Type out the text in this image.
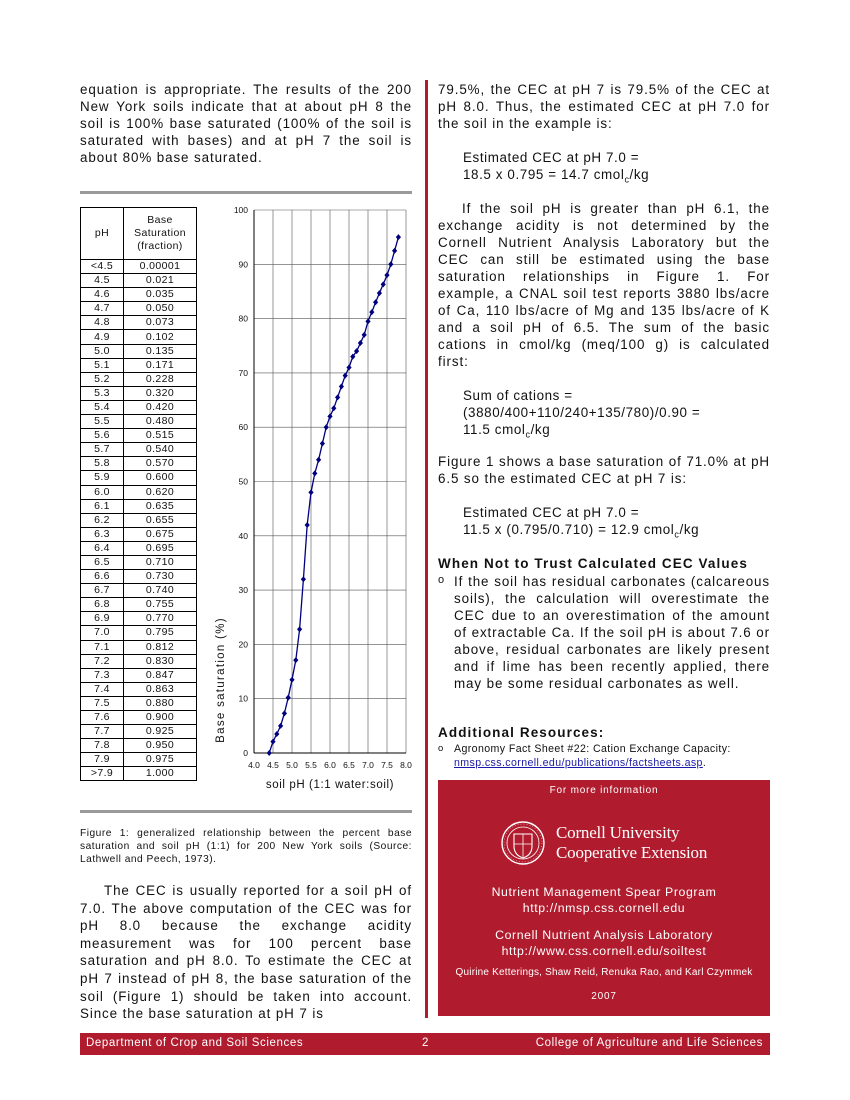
equation is appropriate. The results of the 200 New York soils indicate that at about pH 8 the soil is 100% base saturated (100% of the soil is saturated with bases) and at pH 7 the soil is about 80% base saturated.
pH	Base Saturation (fraction)
<4.5	0.00001
4.5	0.021
4.6	0.035
4.7	0.050
4.8	0.073
4.9	0.102
5.0	0.135
5.1	0.171
5.2	0.228
5.3	0.320
5.4	0.420
5.5	0.480
5.6	0.515
5.7	0.540
5.8	0.570
5.9	0.600
6.0	0.620
6.1	0.635
6.2	0.655
6.3	0.675
6.4	0.695
6.5	0.710
6.6	0.730
6.7	0.740
6.8	0.755
6.9	0.770
7.0	0.795
7.1	0.812
7.2	0.830
7.3	0.847
7.4	0.863
7.5	0.880
7.6	0.900
7.7	0.925
7.8	0.950
7.9	0.975
>7.9	1.000
0
10
20
30
40
50
60
70
80
90
100
4.0 4.5 5.0 5.5 6.0 6.5 7.0 7.5 8.0
Base saturation (%)
soil pH (1:1 water:soil)
Figure 1: generalized relationship between the percent base saturation and soil pH (1:1) for 200 New York soils (Source: Lathwell and Peech, 1973).
The CEC is usually reported for a soil pH of 7.0. The above computation of the CEC was for pH 8.0 because the exchange acidity measurement was for 100 percent base saturation and pH 8.0. To estimate the CEC at pH 7 instead of pH 8, the base saturation of the soil (Figure 1) should be taken into account. Since the base saturation at pH 7 is
79.5%, the CEC at pH 7 is 79.5% of the CEC at pH 8.0. Thus, the estimated CEC at pH 7.0 for the soil in the example is:
Estimated CEC at pH 7.0 =
18.5 x 0.795 = 14.7 cmol$_c$/kg
If the soil pH is greater than pH 6.1, the exchange acidity is not determined by the Cornell Nutrient Analysis Laboratory but the CEC can still be estimated using the base saturation relationships in Figure 1. For example, a CNAL soil test reports 3880 lbs/acre of Ca, 110 lbs/acre of Mg and 135 lbs/acre of K and a soil pH of 6.5. The sum of the basic cations in cmol/kg (meq/100 g) is calculated first:
Sum of cations =
(3880/400+110/240+135/780)/0.90 =
11.5 cmol$_c$/kg
Figure 1 shows a base saturation of 71.0% at pH 6.5 so the estimated CEC at pH 7 is:
Estimated CEC at pH 7.0 =
11.5 x (0.795/0.710) = 12.9 cmol$_c$/kg
When Not to Trust Calculated CEC Values
o If the soil has residual carbonates (calcareous soils), the calculation will overestimate the CEC due to an overestimation of the amount of extractable Ca. If the soil pH is about 7.6 or above, residual carbonates are likely present and if lime has been recently applied, there may be some residual carbonates as well.
Additional Resources:
o Agronomy Fact Sheet #22: Cation Exchange Capacity:
nmsp.css.cornell.edu/publications/factsheets.asp.
For more information
Cornell University
Cooperative Extension
Nutrient Management Spear Program
http://nmsp.css.cornell.edu
Cornell Nutrient Analysis Laboratory
http://www.css.cornell.edu/soiltest
Quirine Ketterings, Shaw Reid, Renuka Rao, and Karl Czymmek
2007
Department of Crop and Soil Sciences	2	College of Agriculture and Life Sciences
